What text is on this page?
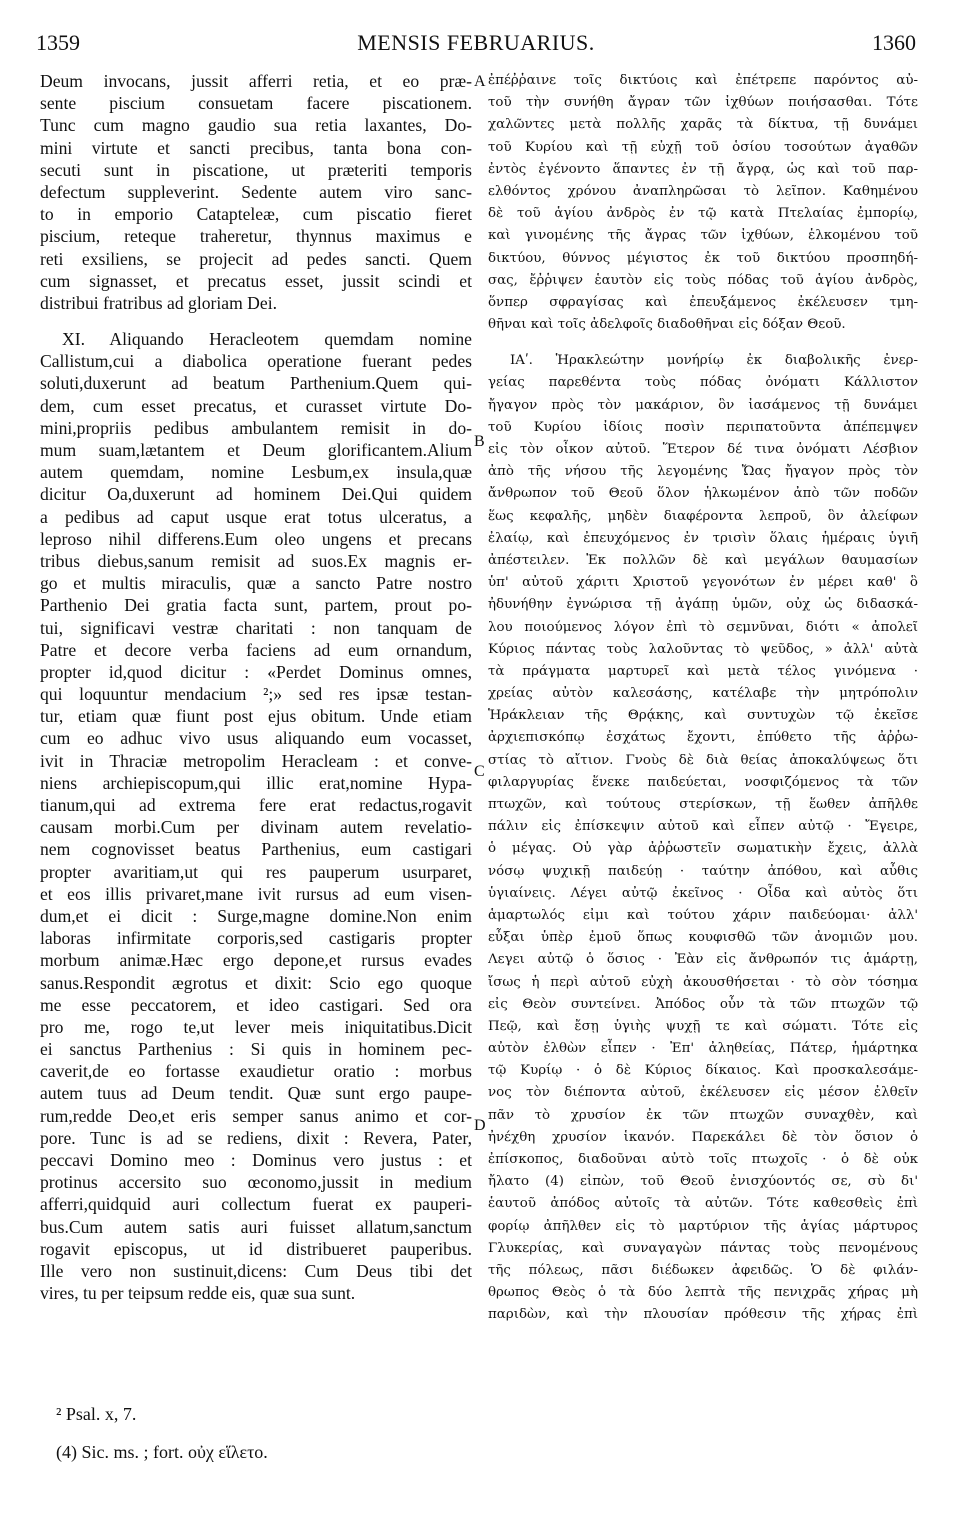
1359	MENSIS FEBRUARIUS.	1360
Deum invocans, jussit afferri retia, et eo præ-
sente piscium consuetam facere piscationem.
Tunc cum magno gaudio sua retia laxantes, Do-
mini virtute et sancti precibus, tanta bona con-
secuti sunt in piscatione, ut præteriti temporis
defectum suppleverint. Sedente autem viro sanc-
to in emporio Catapteleæ, cum piscatio fieret
piscium, reteque traheretur, thynnus maximus e
reti exsiliens, se projecit ad pedes sancti. Quem
cum signasset, et precatus esset, jussit scindi et
distribui fratribus ad gloriam Dei.
XI. Aliquando Heracleotem quemdam nomine
Callistum,cui a diabolica operatione fuerant pedes
soluti,duxerunt ad beatum Parthenium.Quem qui-
dem, cum esset precatus, et curasset virtute Do-
mini,propriis pedibus ambulantem remisit in do-
mum suam,lætantem et Deum glorificantem.Alium
autem quemdam, nomine Lesbum,ex insula,quæ
dicitur Oa,duxerunt ad hominem Dei.Qui quidem
a pedibus ad caput usque erat totus ulceratus, a
leproso nihil differens.Eum oleo ungens et precans
tribus diebus,sanum remisit ad suos.Ex magnis er-
go et multis miraculis, quæ a sancto Patre nostro
Parthenio Dei gratia facta sunt, partem, prout po-
tui, significavi vestræ charitati : non tanquam de
Patre et decore verba faciens ad eum ornandum,
propter id,quod dicitur : «Perdet Dominus omnes,
qui loquuntur mendacium ²;» sed res ipsæ testan-
tur, etiam quæ fiunt post ejus obitum. Unde etiam
cum eo adhuc vivo usus aliquando eum vocasset,
ivit in Thraciæ metropolim Heracleam : et conve-
niens archiepiscopum,qui illic erat,nomine Hypa-
tianum,qui ad extrema fere erat redactus,rogavit
causam morbi.Cum per divinam autem revelatio-
nem cognovisset beatus Parthenius, eum castigari
propter avaritiam,ut qui res pauperum usurparet,
et eos illis privaret,mane ivit rursus ad eum visen-
dum,et ei dicit : Surge,magne domine.Non enim
laboras infirmitate corporis,sed castigaris propter
morbum animæ.Hæc ergo depone,et rursus evades
sanus.Respondit ægrotus et dixit: Scio ego quoque
me esse peccatorem, et ideo castigari. Sed ora
pro me, rogo te,ut lever meis iniquitatibus.Dicit
ei sanctus Parthenius : Si quis in hominem pec-
caverit,de eo fortasse exaudietur oratio : morbus
autem tuus ad Deum tendit. Quæ sunt ergo paupe-
rum,redde Deo,et eris semper sanus animo et cor-
pore. Tunc is ad se rediens, dixit : Revera, Pater,
peccavi Domino meo : Dominus vero justus : et
protinus accersito suo œconomo,jussit in medium
afferri,quidquid auri collectum fuerat ex pauperi-
bus.Cum autem satis auri fuisset allatum,sanctum
rogavit episcopus, ut id distribueret pauperibus.
Ille vero non sustinuit,dicens: Cum Deus tibi det
vires, tu per teipsum redde eis, quæ sua sunt.
ἐπέῤῥαινε τοῖς δικτύοις καὶ ἐπέτρεπε παρόντος αὐ-
τοῦ τὴν συνήθη ἄγραν τῶν ἰχθύων ποιήσασθαι. Τότε
χαλῶντες μετὰ πολλῆς χαρᾶς τὰ δίκτυα, τῇ δυνάμει
τοῦ Κυρίου καὶ τῇ εὐχῇ τοῦ ὁσίου τοσούτων ἀγαθῶν
ἐντὸς ἐγένοντο ἅπαντες ἐν τῇ ἄγρᾳ, ὡς καὶ τοῦ παρ-
ελθόντος χρόνου ἀναπληρῶσαι τὸ λεῖπον. Καθημένου
δὲ τοῦ ἁγίου ἀνδρὸς ἐν τῷ κατὰ Πτελαίας ἐμπορίῳ,
καὶ γινομένης τῆς ἄγρας τῶν ἰχθύων, ἑλκομένου τοῦ
δικτύου, θύννος μέγιστος ἐκ τοῦ δικτύου προσπηδή-
σας, ἔῤῥιψεν ἑαυτὸν εἰς τοὺς πόδας τοῦ ἁγίου ἀνδρὸς,
ὅνπερ σφραγίσας καὶ ἐπευξάμενος ἐκέλευσεν τμη-
θῆναι καὶ τοῖς ἀδελφοῖς διαδοθῆναι εἰς δόξαν Θεοῦ.
ΙΑʹ. Ἡρακλεώτην μονήρίῳ ἐκ διαβολικῆς ἐνερ-
γείας παρεθέντα τοὺς πόδας ὀνόματι Κάλλιστον
ἤγαγον πρὸς τὸν μακάριον, ὃν ἰασάμενος τῇ δυνάμει
τοῦ Κυρίου ἰδίοις ποσὶν περιπατοῦντα ἀπέπεμψεν
εἰς τὸν οἶκον αὐτοῦ. Ἕτερον δέ τινα ὀνόματι Λέσβιον
ἀπὸ τῆς νήσου τῆς λεγομένης Ὤας ἤγαγον πρὸς τὸν
ἄνθρωπον τοῦ Θεοῦ ὅλον ἡλκωμένον ἀπὸ τῶν ποδῶν
ἕως κεφαλῆς, μηδὲν διαφέροντα λεπροῦ, ὃν ἀλείφων
ἐλαίῳ, καὶ ἐπευχόμενος ἐν τρισὶν ὅλαις ἡμέραις ὑγιῆ
ἀπέστειλεν. Ἐκ πολλῶν δὲ καὶ μεγάλων θαυμασίων
ὑπ' αὐτοῦ χάριτι Χριστοῦ γεγονότων ἐν μέρει καθ' ὃ
ἠδυνήθην ἐγνώρισα τῇ ἀγάπῃ ὑμῶν, οὐχ ὡς διδασκά-
λου ποιούμενος λόγον ἐπὶ τὸ σεμνῦναι, διότι « ἀπολεῖ
Κύριος πάντας τοὺς λαλοῦντας τὸ ψεῦδος, » ἀλλ' αὐτὰ
τὰ πράγματα μαρτυρεῖ καὶ μετὰ τέλος γινόμενα ·
χρείας αὐτὸν καλεσάσης, κατέλαβε τὴν μητρόπολιν
Ἡράκλειαν τῆς Θρᾴκης, καὶ συντυχὼν τῷ ἐκεῖσε
ἀρχιεπισκόπῳ ἐσχάτως ἔχοντι, ἐπύθετο τῆς ἀῤῥω-
στίας τὸ αἴτιον. Γνοὺς δὲ διὰ θείας ἀποκαλύψεως ὅτι
φιλαργυρίας ἕνεκε παιδεύεται, νοσφιζόμενος τὰ τῶν
πτωχῶν, καὶ τούτους στερίσκων, τῇ ἕωθεν ἀπῆλθε
πάλιν εἰς ἐπίσκεψιν αὐτοῦ καὶ εἶπεν αὐτῷ · Ἔγειρε,
ὁ μέγας. Οὐ γὰρ ἀῤῥωστεῖν σωματικὴν ἔχεις, ἀλλὰ
νόσῳ ψυχικῇ παιδεύῃ · ταύτην ἀπόθου, καὶ αὖθις
ὑγιαίνεις. Λέγει αὐτῷ ἐκεῖνος · Οἶδα καὶ αὐτὸς ὅτι
ἁμαρτωλός εἰμι καὶ τούτου χάριν παιδεύομαι· ἀλλ'
εὖξαι ὑπὲρ ἐμοῦ ὅπως κουφισθῶ τῶν ἀνομιῶν μου.
Λεγει αὐτῷ ὁ ὅσιος · Ἐὰν εἰς ἄνθρωπόν τις ἁμάρτῃ,
ἴσως ἡ περὶ αὐτοῦ εὐχὴ ἀκουσθήσεται · τὸ σὸν τόσημα
εἰς Θεὸν συντείνει. Ἀπόδος οὖν τὰ τῶν πτωχῶν τῷ
Πεῷ, καὶ ἔσῃ ὑγιὴς ψυχῇ τε καὶ σώματι. Τότε εἰς
αὐτὸν ἐλθὼν εἶπεν · Ἐπ' ἀληθείας, Πάτερ, ἡμάρτηκα
τῷ Κυρίῳ · ὁ δὲ Κύριος δίκαιος. Καὶ προσκαλεσάμε-
νος τὸν διέποντα αὐτοῦ, ἐκέλευσεν εἰς μέσον ἐλθεῖν
πᾶν τὸ χρυσίον ἐκ τῶν πτωχῶν συναχθὲν, καὶ
ἠνέχθη χρυσίον ἱκανόν. Παρεκάλει δὲ τὸν ὅσιον ὁ
ἐπίσκοπος, διαδοῦναι αὐτὸ τοῖς πτωχοῖς · ὁ δὲ οὐκ
ἤλατο (4) εἰπὼν, τοῦ Θεοῦ ἐνισχύοντός σε, σὺ δι'
ἑαυτοῦ ἀπόδος αὐτοῖς τὰ αὐτῶν. Τότε καθεσθεὶς ἐπὶ
φορίῳ ἀπῆλθεν εἰς τὸ μαρτύριον τῆς ἁγίας μάρτυρος
Γλυκερίας, καὶ συναγαγὼν πάντας τοὺς πενομένους
τῆς πόλεως, πᾶσι διέδωκεν ἀφειδῶς. Ὁ δὲ φιλάν-
θρωπος Θεὸς ὁ τὰ δύο λεπτὰ τῆς πενιχρᾶς χήρας μὴ
παριδὼν, καὶ τὴν πλουσίαν πρόθεσιν τῆς χήρας ἐπὶ
A
B
C
D
² Psal. x, 7.
(4) Sic. ms. ; fort. οὐχ εἵλετο.
